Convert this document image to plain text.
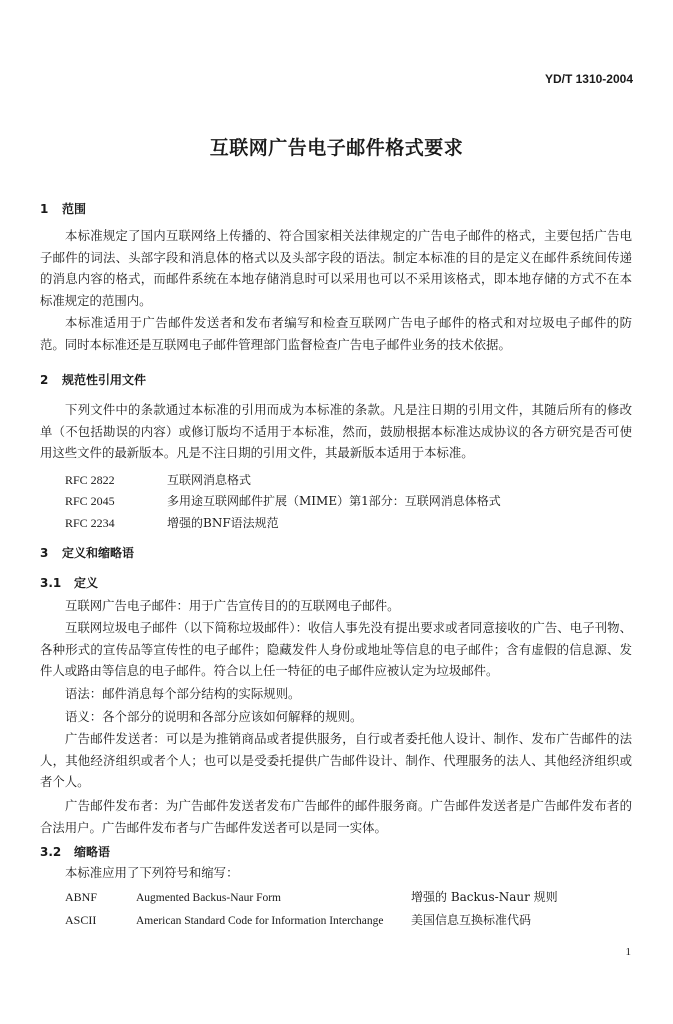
YD/T 1310-2004
互联网广告电子邮件格式要求
1 范围
本标准规定了国内互联网络上传播的、符合国家相关法律规定的广告电子邮件的格式，主要包括广告电子邮件的词法、头部字段和消息体的格式以及头部字段的语法。制定本标准的目的是定义在邮件系统间传递的消息内容的格式，而邮件系统在本地存储消息时可以采用也可以不采用该格式，即本地存储的方式不在本标准规定的范围内。
本标准适用于广告邮件发送者和发布者编写和检查互联网广告电子邮件的格式和对垃圾电子邮件的防范。同时本标准还是互联网电子邮件管理部门监督检查广告电子邮件业务的技术依据。
2 规范性引用文件
下列文件中的条款通过本标准的引用而成为本标准的条款。凡是注日期的引用文件，其随后所有的修改单（不包括勘误的内容）或修订版均不适用于本标准，然而，鼓励根据本标准达成协议的各方研究是否可使用这些文件的最新版本。凡是不注日期的引用文件，其最新版本适用于本标准。
RFC 2822	互联网消息格式
RFC 2045	多用途互联网邮件扩展（MIME）第1部分：互联网消息体格式
RFC 2234	增强的BNF语法规范
3 定义和缩略语
3.1 定义
互联网广告电子邮件：用于广告宣传目的的互联网电子邮件。
互联网垃圾电子邮件（以下简称垃圾邮件）：收信人事先没有提出要求或者同意接收的广告、电子刊物、各种形式的宣传品等宣传性的电子邮件；隐藏发件人身份或地址等信息的电子邮件；含有虚假的信息源、发件人或路由等信息的电子邮件。符合以上任一特征的电子邮件应被认定为垃圾邮件。
语法：邮件消息每个部分结构的实际规则。
语义：各个部分的说明和各部分应该如何解释的规则。
广告邮件发送者：可以是为推销商品或者提供服务，自行或者委托他人设计、制作、发布广告邮件的法人，其他经济组织或者个人；也可以是受委托提供广告邮件设计、制作、代理服务的法人、其他经济组织或者个人。
广告邮件发布者：为广告邮件发送者发布广告邮件的邮件服务商。广告邮件发送者是广告邮件发布者的合法用户。广告邮件发布者与广告邮件发送者可以是同一实体。
3.2 缩略语
本标准应用了下列符号和缩写：
ABNF	Augmented Backus-Naur Form	增强的 Backus-Naur 规则
ASCII	American Standard Code for Information Interchange 美国信息互换标准代码
1
